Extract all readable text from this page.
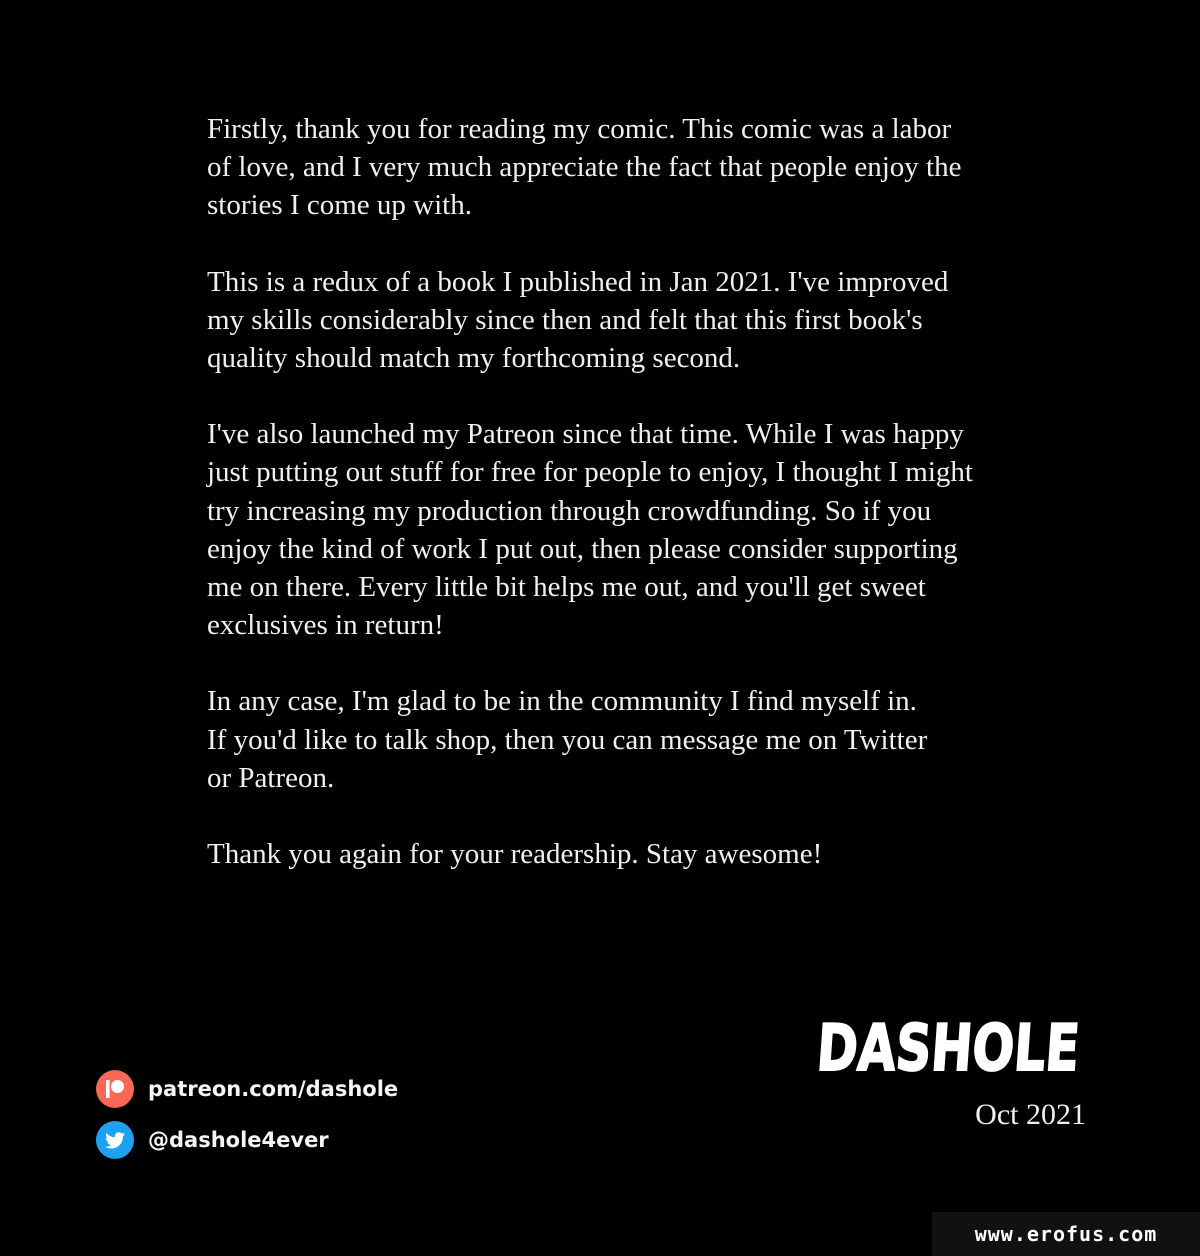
Firstly, thank you for reading my comic. This comic was a labor
of love, and I very much appreciate the fact that people enjoy the
stories I come up with.

This is a redux of a book I published in Jan 2021. I've improved
my skills considerably since then and felt that this first book's
quality should match my forthcoming second.

I've also launched my Patreon since that time. While I was happy
just putting out stuff for free for people to enjoy, I thought I might
try increasing my production through crowdfunding. So if you
enjoy the kind of work I put out, then please consider supporting
me on there. Every little bit helps me out, and you'll get sweet
exclusives in return!

In any case, I'm glad to be in the community I find myself in.
If you'd like to talk shop, then you can message me on Twitter
or Patreon.

Thank you again for your readership. Stay awesome!

DASHOLE
Oct 2021
patreon.com/dashole
@dashole4ever
www.erofus.com
